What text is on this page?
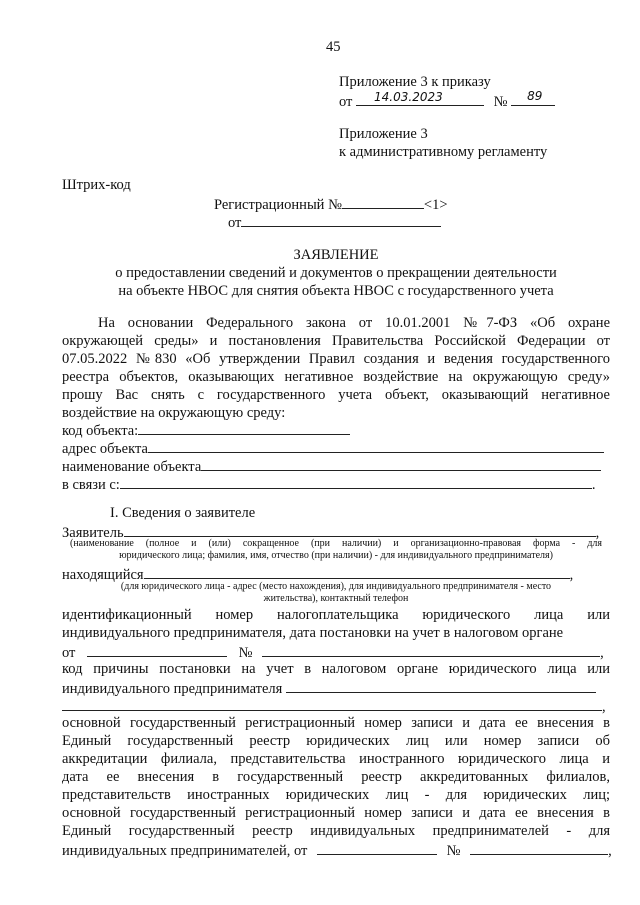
45
Приложение 3 к приказу
от 14.03.2023	№ 89
Приложение 3
к административному регламенту
Штрих-код
Регистрационный №	<1>
от
ЗАЯВЛЕНИЕ
о предоставлении сведений и документов о прекращении деятельности
на объекте НВОС для снятия объекта НВОС с государственного учета
На основании Федерального закона от 10.01.2001 №7-ФЗ «Об охране
окружающей среды» и постановления Правительства Российской Федерации от
07.05.2022 №830 «Об утверждении Правил создания и ведения государственного
реестра объектов, оказывающих негативное воздействие на окружающую среду»
прошу Вас снять с государственного учета объект, оказывающий негативное
воздействие на окружающую среду:
код объекта:
адрес объекта
наименование объекта
в связи с:	.
I. Сведения о заявителе
Заявитель	,
(наименование (полное и (или) сокращенное (при наличии) и организационно-правовая форма - для
юридического лица; фамилия, имя, отчество (при наличии) - для индивидуального предпринимателя)
находящийся	,
(для юридического лица - адрес (место нахождения), для индивидуального предпринимателя - место
жительства), контактный телефон
идентификационный номер налогоплательщика юридического лица или
индивидуального предпринимателя, дата постановки на учет в налоговом органе
от	№	,
код причины постановки на учет в налоговом органе юридического лица или
индивидуального предпринимателя
,
основной государственный регистрационный номер записи и дата ее внесения в
Единый государственный реестр юридических лиц или номер записи об
аккредитации филиала, представительства иностранного юридического лица и
дата ее внесения в государственный реестр аккредитованных филиалов,
представительств иностранных юридических лиц - для юридических лиц;
основной государственный регистрационный номер записи и дата ее внесения в
Единый государственный реестр индивидуальных предпринимателей - для
индивидуальных предпринимателей, от	№	,
